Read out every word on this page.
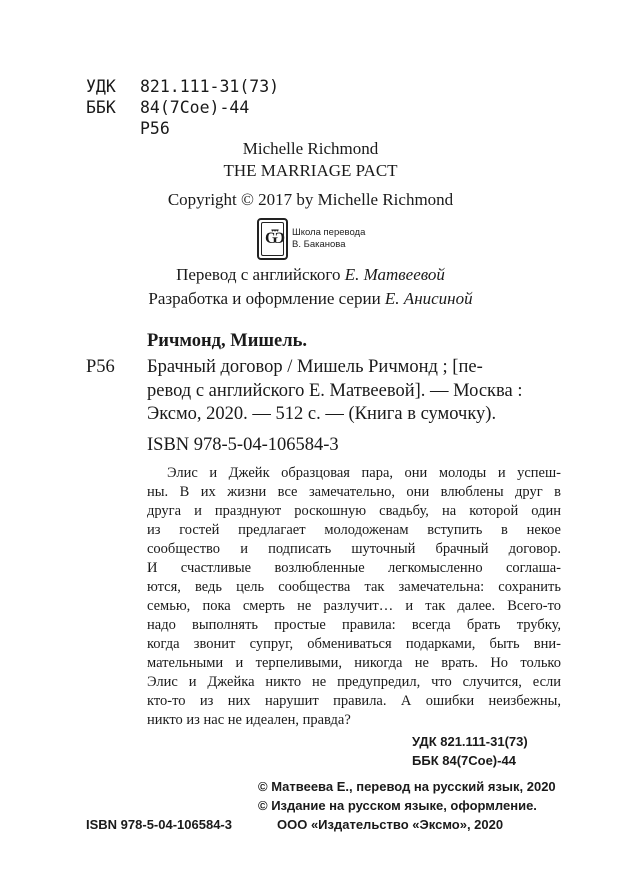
УДК 821.111-31(73)
ББК 84(7Сое)-44
Р56
Michelle Richmond
THE MARRIAGE PACT
Copyright © 2017 by Michelle Richmond
Ѿ Школа перевода
В. Баканова
Перевод с английского Е. Матвеевой
Разработка и оформление серии Е. Анисиной
Ричмонд, Мишель.
Р56 Брачный договор / Мишель Ричмонд ; [пе-
ревод с английского Е. Матвеевой]. — Москва :
Эксмо, 2020. — 512 с. — (Книга в сумочку).
ISBN 978-5-04-106584-3
Элис и Джейк образцовая пара, они молоды и успеш-
ны. В их жизни все замечательно, они влюблены друг в
друга и празднуют роскошную свадьбу, на которой один
из гостей предлагает молодоженам вступить в некое
сообщество и подписать шуточный брачный договор.
И счастливые возлюбленные легкомысленно соглаша-
ются, ведь цель сообщества так замечательна: сохранить
семью, пока смерть не разлучит… и так далее. Всего-то
надо выполнять простые правила: всегда брать трубку,
когда звонит супруг, обмениваться подарками, быть вни-
мательными и терпеливыми, никогда не врать. Но только
Элис и Джейка никто не предупредил, что случится, если
кто-то из них нарушит правила. А ошибки неизбежны,
никто из нас не идеален, правда?
УДК 821.111-31(73)
ББК 84(7Сое)-44
© Матвеева Е., перевод на русский язык, 2020
© Издание на русском языке, оформление.
ISBN 978-5-04-106584-3	ООО «Издательство «Эксмо», 2020
